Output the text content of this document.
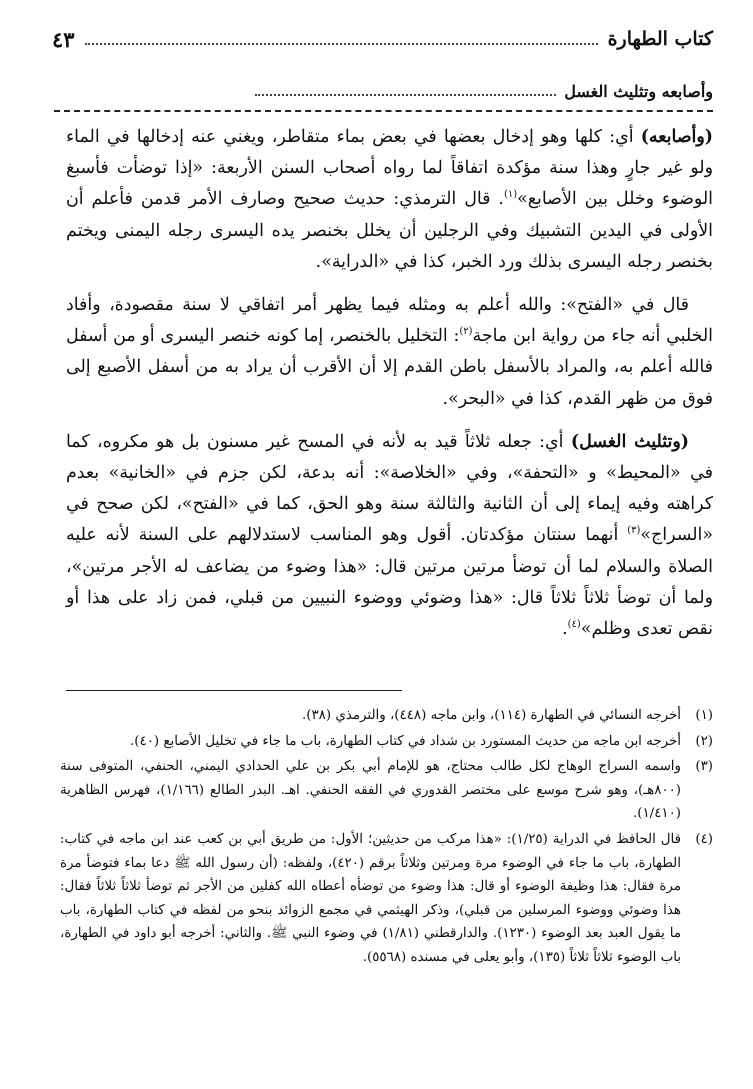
كتاب الطهارة
٤٣
وأصابعه وتثليث الغسل

(وأصابعه) أي: كلها وهو إدخال بعضها في بعض بماء متقاطر، ويغني عنه إدخالها في الماء ولو غير جارٍ وهذا سنة مؤكدة اتفاقاً لما رواه أصحاب السنن الأربعة: «إذا توضأت فأسبغ الوضوء وخلل بين الأصابع»$^{(١)}$. قال الترمذي: حديث صحيح وصارف الأمر قدمن فأعلم أن الأولى في اليدين التشبيك وفي الرجلين أن يخلل بخنصر يده اليسرى رجله اليمنى ويختم بخنصر رجله اليسرى بذلك ورد الخبر، كذا في «الدراية».

قال في «الفتح»: والله أعلم به ومثله فيما يظهر أمر اتفاقي لا سنة مقصودة، وأفاد الخلبي أنه جاء من رواية ابن ماجة$^{(٢)}$: التخليل بالخنصر، إما كونه خنصر اليسرى أو من أسفل فالله أعلم به، والمراد بالأسفل باطن القدم إلا أن الأقرب أن يراد به من أسفل الأصبع إلى فوق من ظهر القدم، كذا في «البحر».

(وتثليث الغسل) أي: جعله ثلاثاً قيد به لأنه في المسح غير مسنون بل هو مكروه، كما في «المحيط» و «التحفة»، وفي «الخلاصة»: أنه بدعة، لكن جزم في «الخانية» بعدم كراهته وفيه إيماء إلى أن الثانية والثالثة سنة وهو الحق، كما في «الفتح»، لكن صحح في «السراج»$^{(٣)}$ أنهما سنتان مؤكدتان. أقول وهو المناسب لاستدلالهم على السنة لأنه عليه الصلاة والسلام لما أن توضأ مرتين مرتين قال: «هذا وضوء من يضاعف له الأجر مرتين»، ولما أن توضأ ثلاثاً ثلاثاً قال: «هذا وضوئي ووضوء النبيين من قبلي، فمن زاد على هذا أو نقص تعدى وظلم»$^{(٤)}$.

(١)
أخرجه النسائي في الطهارة (١١٤)، وابن ماجه (٤٤٨)، والترمذي (٣٨).
(٢)
أخرجه ابن ماجه من حديث المستورد بن شداد في كتاب الطهارة، باب ما جاء في تخليل الأصابع (٤٠).
(٣)
واسمه السراج الوهاج لكل طالب محتاج، هو للإمام أبي بكر بن علي الحدادي اليمني، الحنفي، المتوفى سنة (٨٠٠هـ)، وهو شرح موسع على مختصر القدوري في الفقه الحنفي. اهـ. البدر الطالع (١/١٦٦)، فهرس الظاهرية (١/٤١٠).
(٤)
قال الحافظ في الدراية (١/٢٥): «هذا مركب من حديثين؛ الأول: من طريق أبي بن كعب عند ابن ماجه في كتاب: الطهارة، باب ما جاء في الوضوء مرة ومرتين وثلاثاً برقم (٤٢٠)، ولفظه: (أن رسول الله ﷺ دعا بماء فتوضأ مرة مرة فقال: هذا وظيفة الوضوء أو قال: هذا وضوء من توضأه أعطاه الله كفلين من الأجر ثم توضأ ثلاثاً ثلاثاً فقال: هذا وضوئي ووضوء المرسلين من قبلي)، وذكر الهيثمي في مجمع الزوائد بنحو من لفظه في كتاب الطهارة، باب ما يقول العبد بعد الوضوء (١٢٣٠). والدارقطني (١/٨١) في وضوء النبي ﷺ. والثاني: أخرجه أبو داود في الطهارة، باب الوضوء ثلاثاً ثلاثاً (١٣٥)، وأبو يعلى في مسنده (٥٥٦٨).
